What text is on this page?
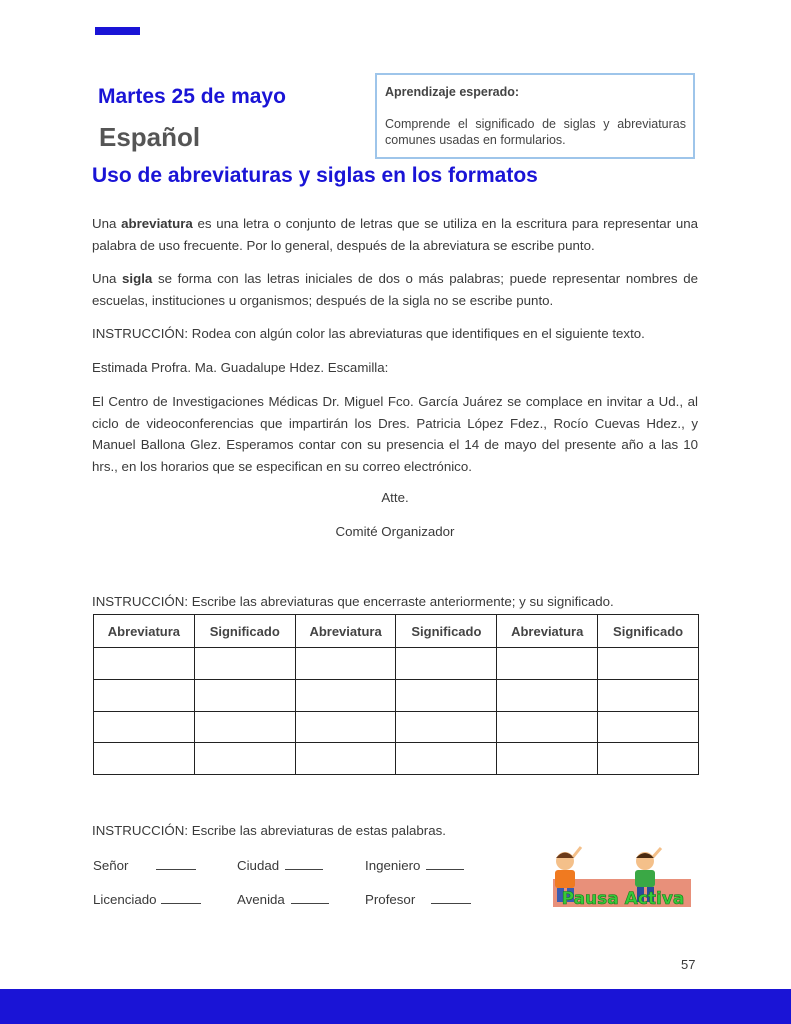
Martes 25 de mayo
Español
Aprendizaje esperado:
Comprende el significado de siglas y abreviaturas comunes usadas en formularios.
Uso de abreviaturas y siglas en los formatos

Una abreviatura es una letra o conjunto de letras que se utiliza en la escritura para representar una palabra de uso frecuente. Por lo general, después de la abreviatura se escribe punto.

Una sigla se forma con las letras iniciales de dos o más palabras; puede representar nombres de escuelas, instituciones u organismos; después de la sigla no se escribe punto.

INSTRUCCIÓN: Rodea con algún color las abreviaturas que identifiques en el siguiente texto.

Estimada Profra. Ma. Guadalupe Hdez. Escamilla:

El Centro de Investigaciones Médicas Dr. Miguel Fco. García Juárez se complace en invitar a Ud., al ciclo de videoconferencias que impartirán los Dres. Patricia López Fdez., Rocío Cuevas Hdez., y Manuel Ballona Glez. Esperamos contar con su presencia el 14 de mayo del presente año a las 10 hrs., en los horarios que se especifican en su correo electrónico.

Atte.

Comité Organizador

INSTRUCCIÓN: Escribe las abreviaturas que encerraste anteriormente; y su significado.

Abreviatura	Significado	Abreviatura	Significado	Abreviatura	Significado

INSTRUCCIÓN: Escribe las abreviaturas de estas palabras.

Señor	Ciudad	Ingeniero
Licenciado	Avenida	Profesor	Pausa Activa
57
